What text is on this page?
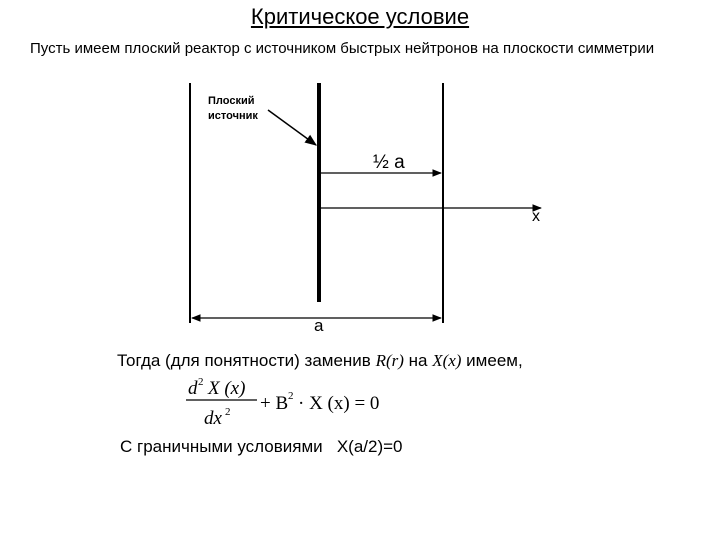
Критическое условие
Пусть имеем плоский реактор с источником быстрых нейтронов на плоскости симметрии
d 2 X (x)
dx 2 + B 2 · X (x) = 0
Плоский
источник
½ а
x
а
Тогда (для понятности) заменив R(r) на X(x) имеем,
С граничными условиями X(a/2)=0
